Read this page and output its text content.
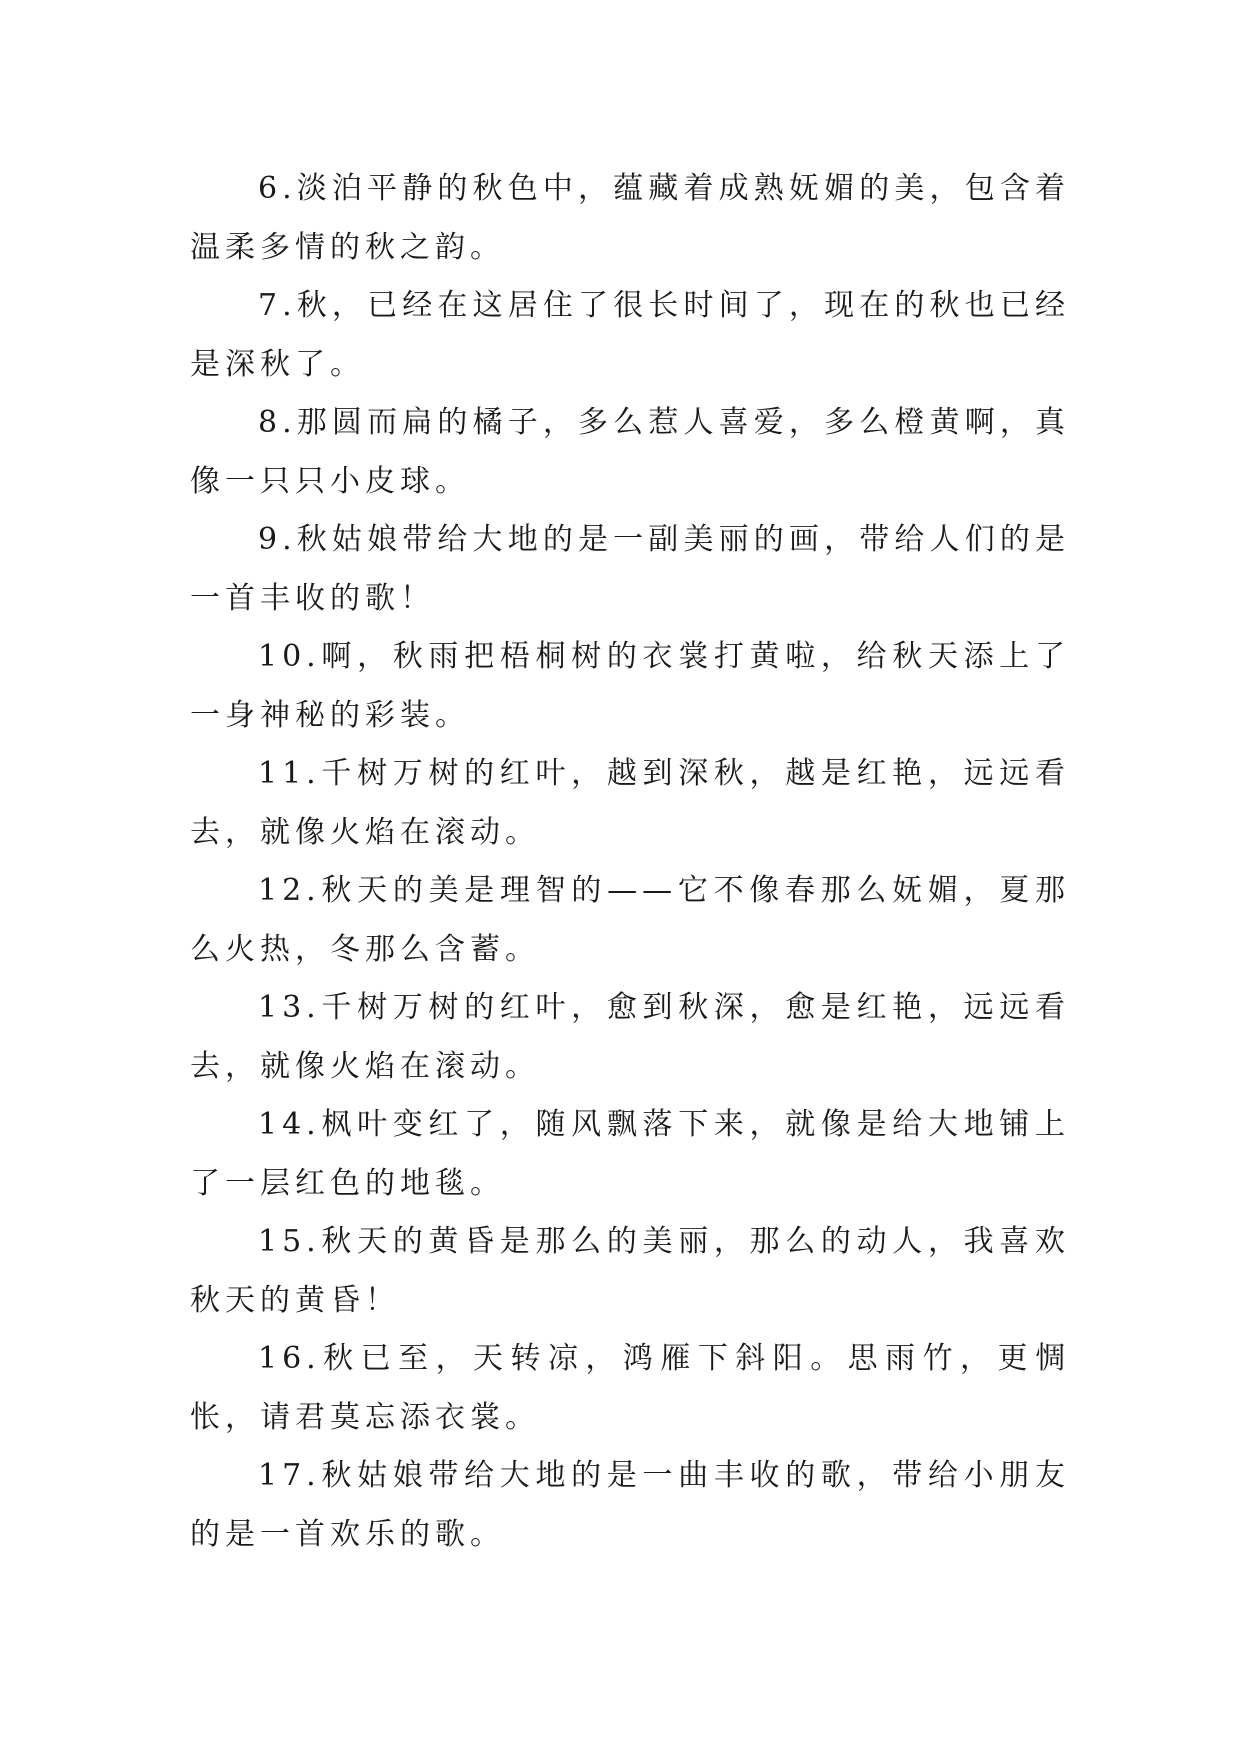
6.淡泊平静的秋色中，蕴藏着成熟妩媚的美，包含着温柔多情的秋之韵。

7.秋，已经在这居住了很长时间了，现在的秋也已经是深秋了。

8.那圆而扁的橘子，多么惹人喜爱，多么橙黄啊，真像一只只小皮球。

9.秋姑娘带给大地的是一副美丽的画，带给人们的是一首丰收的歌！

10.啊，秋雨把梧桐树的衣裳打黄啦，给秋天添上了一身神秘的彩装。

11.千树万树的红叶，越到深秋，越是红艳，远远看去，就像火焰在滚动。

12.秋天的美是理智的——它不像春那么妩媚，夏那么火热，冬那么含蓄。

13.千树万树的红叶，愈到秋深，愈是红艳，远远看去，就像火焰在滚动。

14.枫叶变红了，随风飘落下来，就像是给大地铺上了一层红色的地毯。

15.秋天的黄昏是那么的美丽，那么的动人，我喜欢秋天的黄昏！

16.秋已至，天转凉，鸿雁下斜阳。思雨竹，更惆怅，请君莫忘添衣裳。

17.秋姑娘带给大地的是一曲丰收的歌，带给小朋友的是一首欢乐的歌。
